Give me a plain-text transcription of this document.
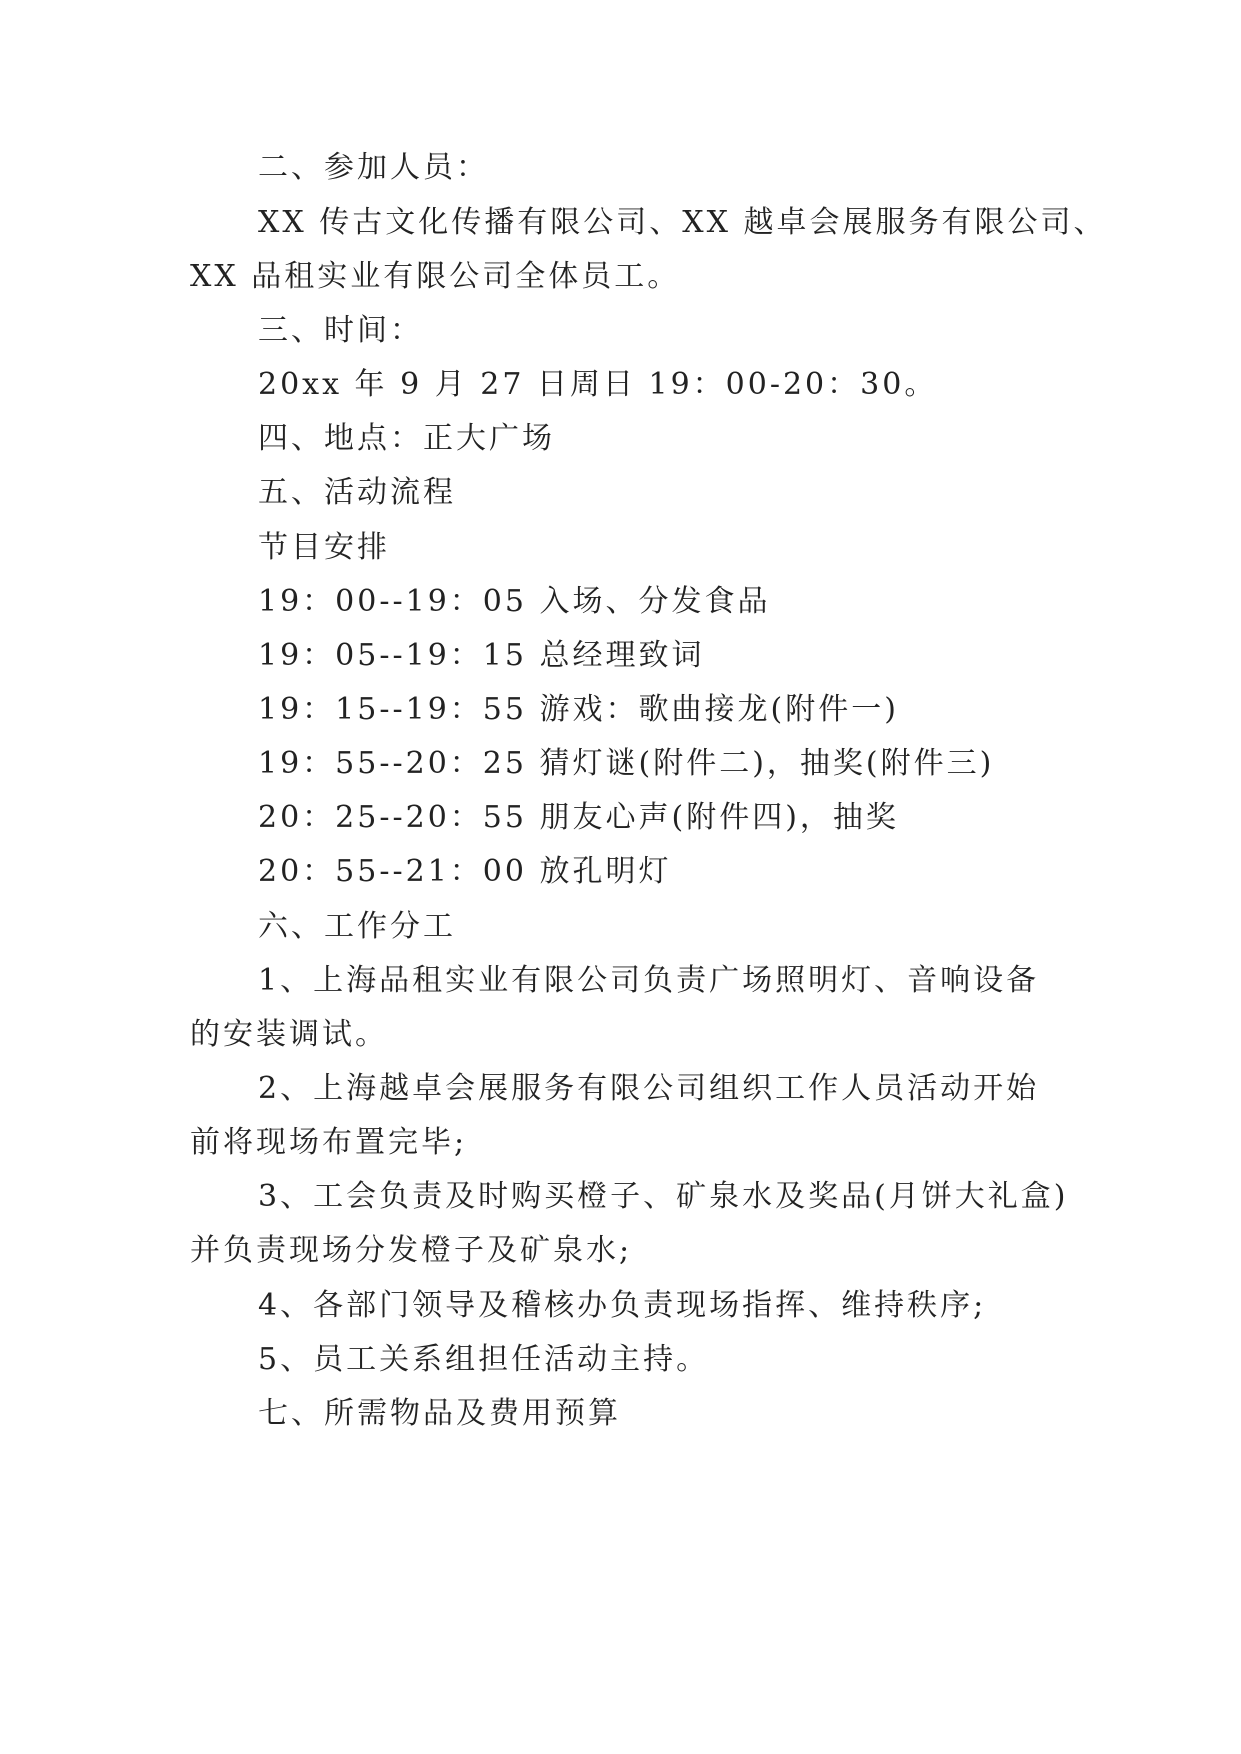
二、参加人员：
XX 传古文化传播有限公司、XX 越卓会展服务有限公司、
XX 品租实业有限公司全体员工。
三、时间：
20xx 年 9 月 27 日周日 19：00-20：30。
四、地点：正大广场
五、活动流程
节目安排
19：00--19：05 入场、分发食品
19：05--19：15 总经理致词
19：15--19：55 游戏：歌曲接龙(附件一)
19：55--20：25 猜灯谜(附件二)，抽奖(附件三)
20：25--20：55 朋友心声(附件四)，抽奖
20：55--21：00 放孔明灯
六、工作分工
1、上海品租实业有限公司负责广场照明灯、音响设备
的安装调试。
2、上海越卓会展服务有限公司组织工作人员活动开始
前将现场布置完毕;
3、工会负责及时购买橙子、矿泉水及奖品(月饼大礼盒)
并负责现场分发橙子及矿泉水;
4、各部门领导及稽核办负责现场指挥、维持秩序;
5、员工关系组担任活动主持。
七、所需物品及费用预算
